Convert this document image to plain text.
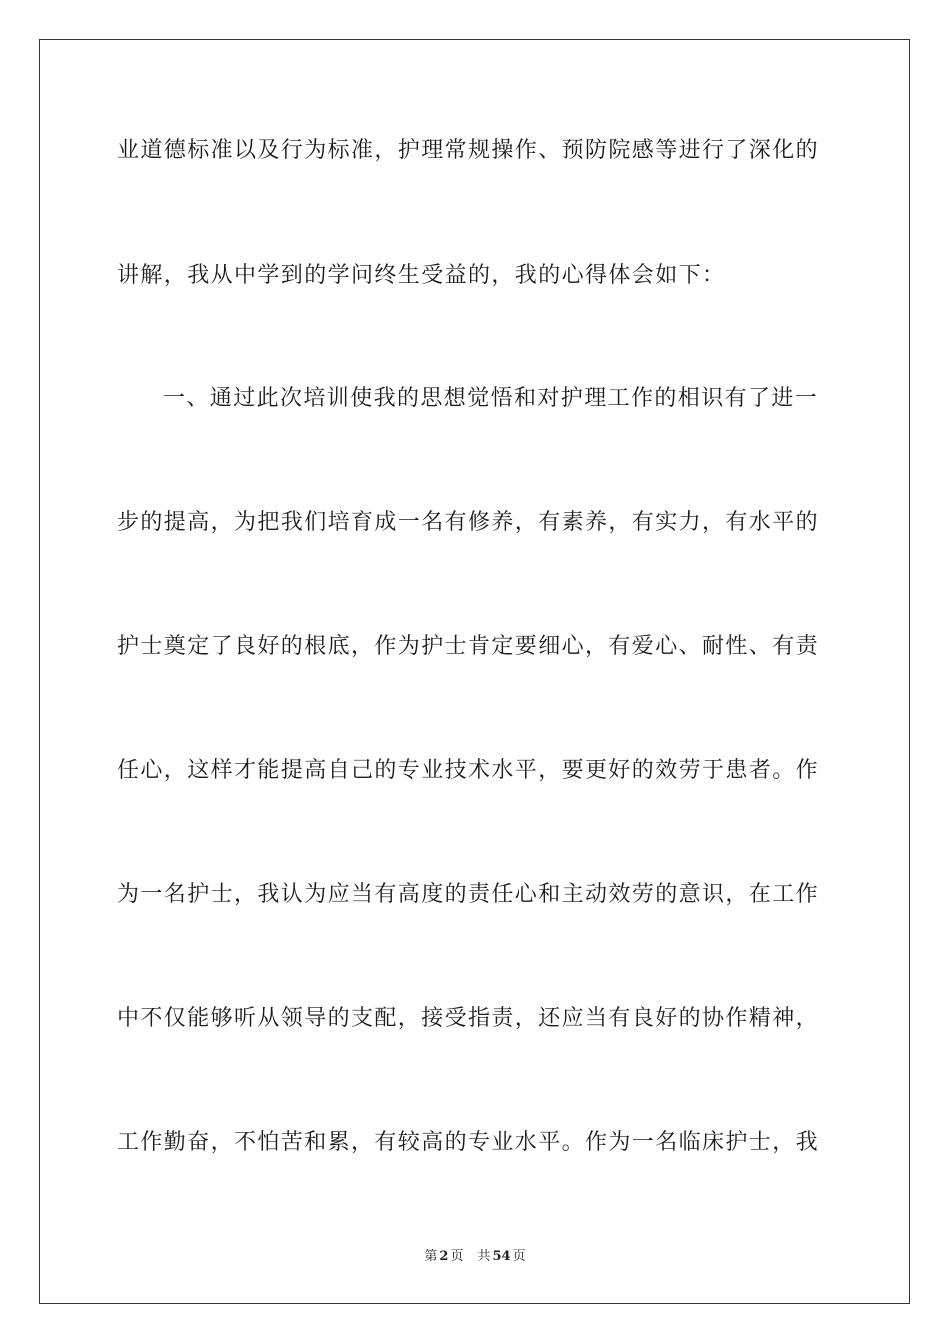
业道德标准以及行为标准，护理常规操作、预防院感等进行了深化的
讲解，我从中学到的学问终生受益的，我的心得体会如下：
一、通过此次培训使我的思想觉悟和对护理工作的相识有了进一
步的提高，为把我们培育成一名有修养，有素养，有实力，有水平的
护士奠定了良好的根底，作为护士肯定要细心，有爱心、耐性、有责
任心，这样才能提高自己的专业技术水平，要更好的效劳于患者。作
为一名护士，我认为应当有高度的责任心和主动效劳的意识，在工作
中不仅能够听从领导的支配，接受指责，还应当有良好的协作精神，
工作勤奋，不怕苦和累，有较高的专业水平。作为一名临床护士，我
第 2 页 共 54 页
